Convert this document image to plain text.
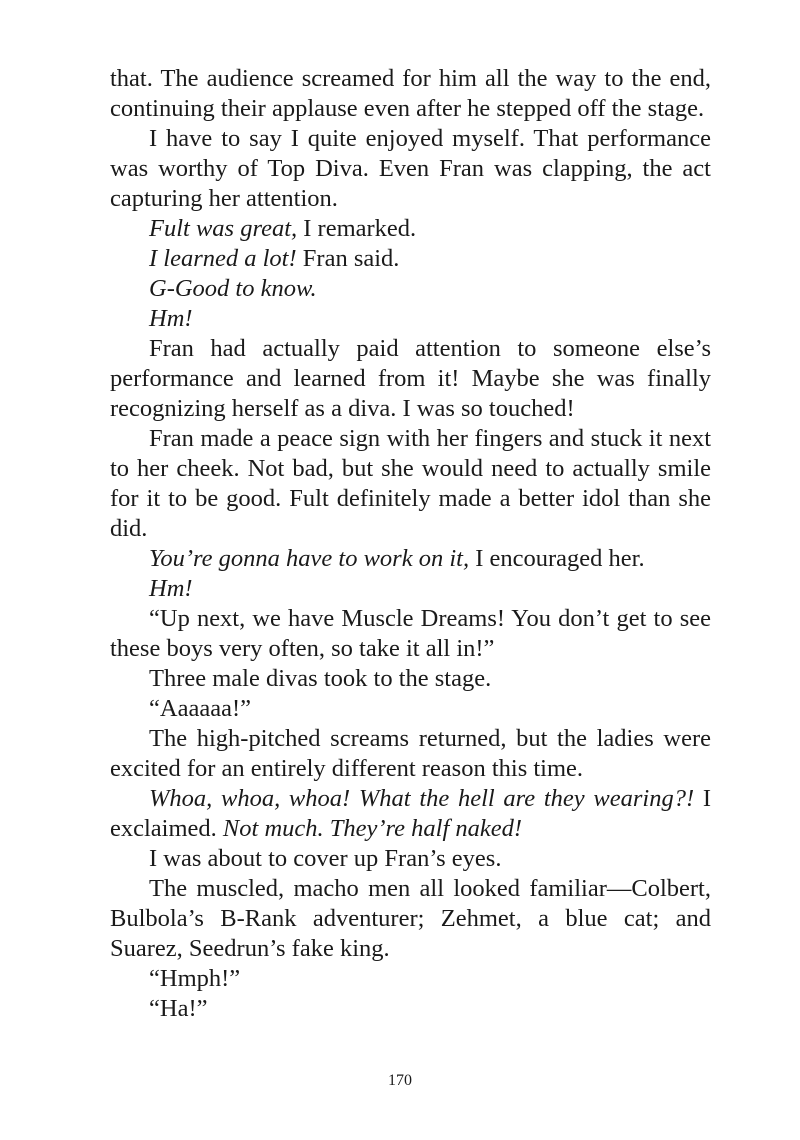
that. The audience screamed for him all the way to the end, continuing their applause even after he stepped off the stage.

I have to say I quite enjoyed myself. That performance was worthy of Top Diva. Even Fran was clapping, the act capturing her attention.

Fult was great, I remarked.

I learned a lot! Fran said.

G-Good to know.

Hm!

Fran had actually paid attention to someone else’s performance and learned from it! Maybe she was finally recognizing herself as a diva. I was so touched!

Fran made a peace sign with her fingers and stuck it next to her cheek. Not bad, but she would need to actually smile for it to be good. Fult definitely made a better idol than she did.

You’re gonna have to work on it, I encouraged her.

Hm!

“Up next, we have Muscle Dreams! You don’t get to see these boys very often, so take it all in!”

Three male divas took to the stage.

“Aaaaaa!”

The high-pitched screams returned, but the ladies were excited for an entirely different reason this time.

Whoa, whoa, whoa! What the hell are they wearing?! I exclaimed. Not much. They’re half naked!

I was about to cover up Fran’s eyes.

The muscled, macho men all looked familiar—Colbert, Bulbola’s B-Rank adventurer; Zehmet, a blue cat; and Suarez, Seedrun’s fake king.

“Hmph!”

“Ha!”

170
